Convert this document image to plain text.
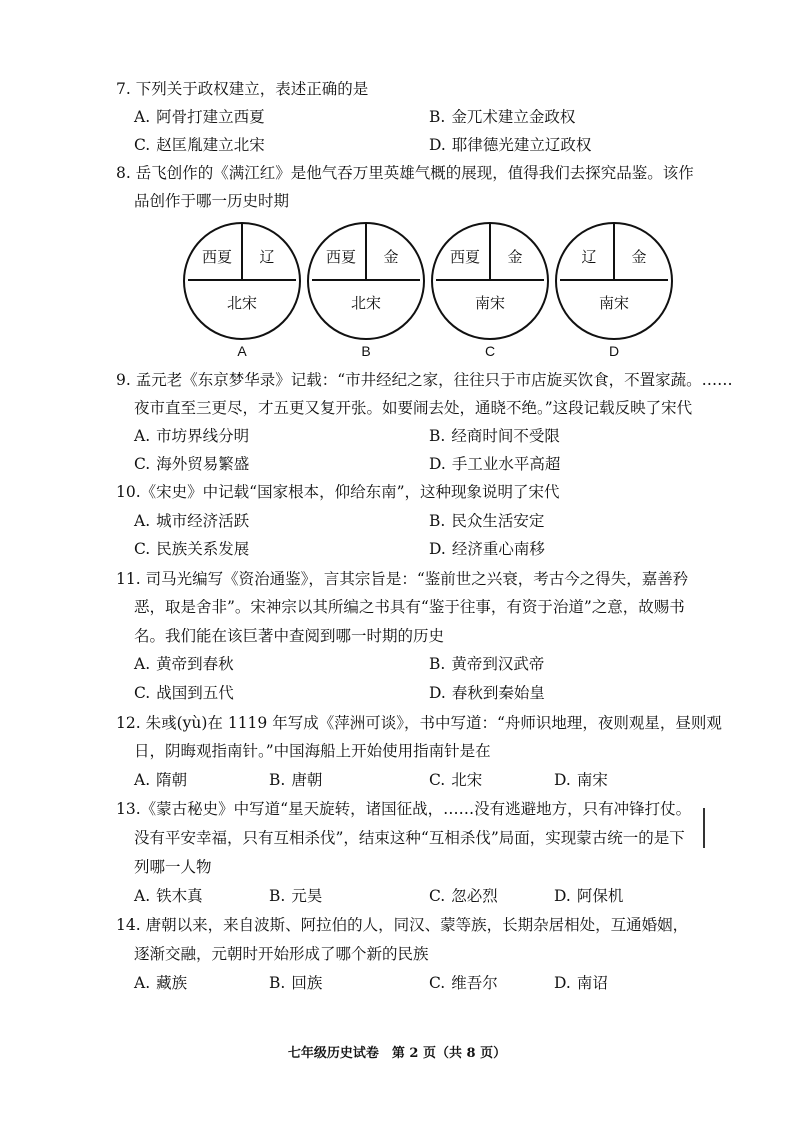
7. 下列关于政权建立，表述正确的是
A. 阿骨打建立西夏	B. 金兀术建立金政权
C. 赵匡胤建立北宋	D. 耶律德光建立辽政权
8. 岳飞创作的《满江红》是他气吞万里英雄气概的展现，值得我们去探究品鉴。该作
品创作于哪一历史时期
西夏	辽
北宋
A
西夏	金
北宋
B
西夏	金
南宋
C
辽	金
南宋
D
9. 孟元老《东京梦华录》记载：“市井经纪之家，往往只于市店旋买饮食，不置家蔬。……
夜市直至三更尽，才五更又复开张。如要闹去处，通晓不绝。”这段记载反映了宋代
A. 市坊界线分明	B. 经商时间不受限
C. 海外贸易繁盛	D. 手工业水平高超
10.《宋史》中记载“国家根本，仰给东南”，这种现象说明了宋代
A. 城市经济活跃	B. 民众生活安定
C. 民族关系发展	D. 经济重心南移
11. 司马光编写《资治通鉴》，言其宗旨是：“鉴前世之兴衰，考古今之得失，嘉善矜
恶，取是舍非”。宋神宗以其所编之书具有“鉴于往事，有资于治道”之意，故赐书
名。我们能在该巨著中查阅到哪一时期的历史
A. 黄帝到春秋	B. 黄帝到汉武帝
C. 战国到五代	D. 春秋到秦始皇
12. 朱彧(yù)在 1119 年写成《萍洲可谈》，书中写道：“舟师识地理，夜则观星，昼则观
日，阴晦观指南针。”中国海船上开始使用指南针是在
A. 隋朝	B. 唐朝	C. 北宋	D. 南宋
13.《蒙古秘史》中写道“星天旋转，诸国征战，……没有逃避地方，只有冲锋打仗。
没有平安幸福，只有互相杀伐”，结束这种“互相杀伐”局面，实现蒙古统一的是下
列哪一人物
A. 铁木真	B. 元昊	C. 忽必烈	D. 阿保机
14. 唐朝以来，来自波斯、阿拉伯的人，同汉、蒙等族，长期杂居相处，互通婚姻，
逐渐交融，元朝时开始形成了哪个新的民族
A. 藏族	B. 回族	C. 维吾尔	D. 南诏
七年级历史试卷　第 2 页（共 8 页）
